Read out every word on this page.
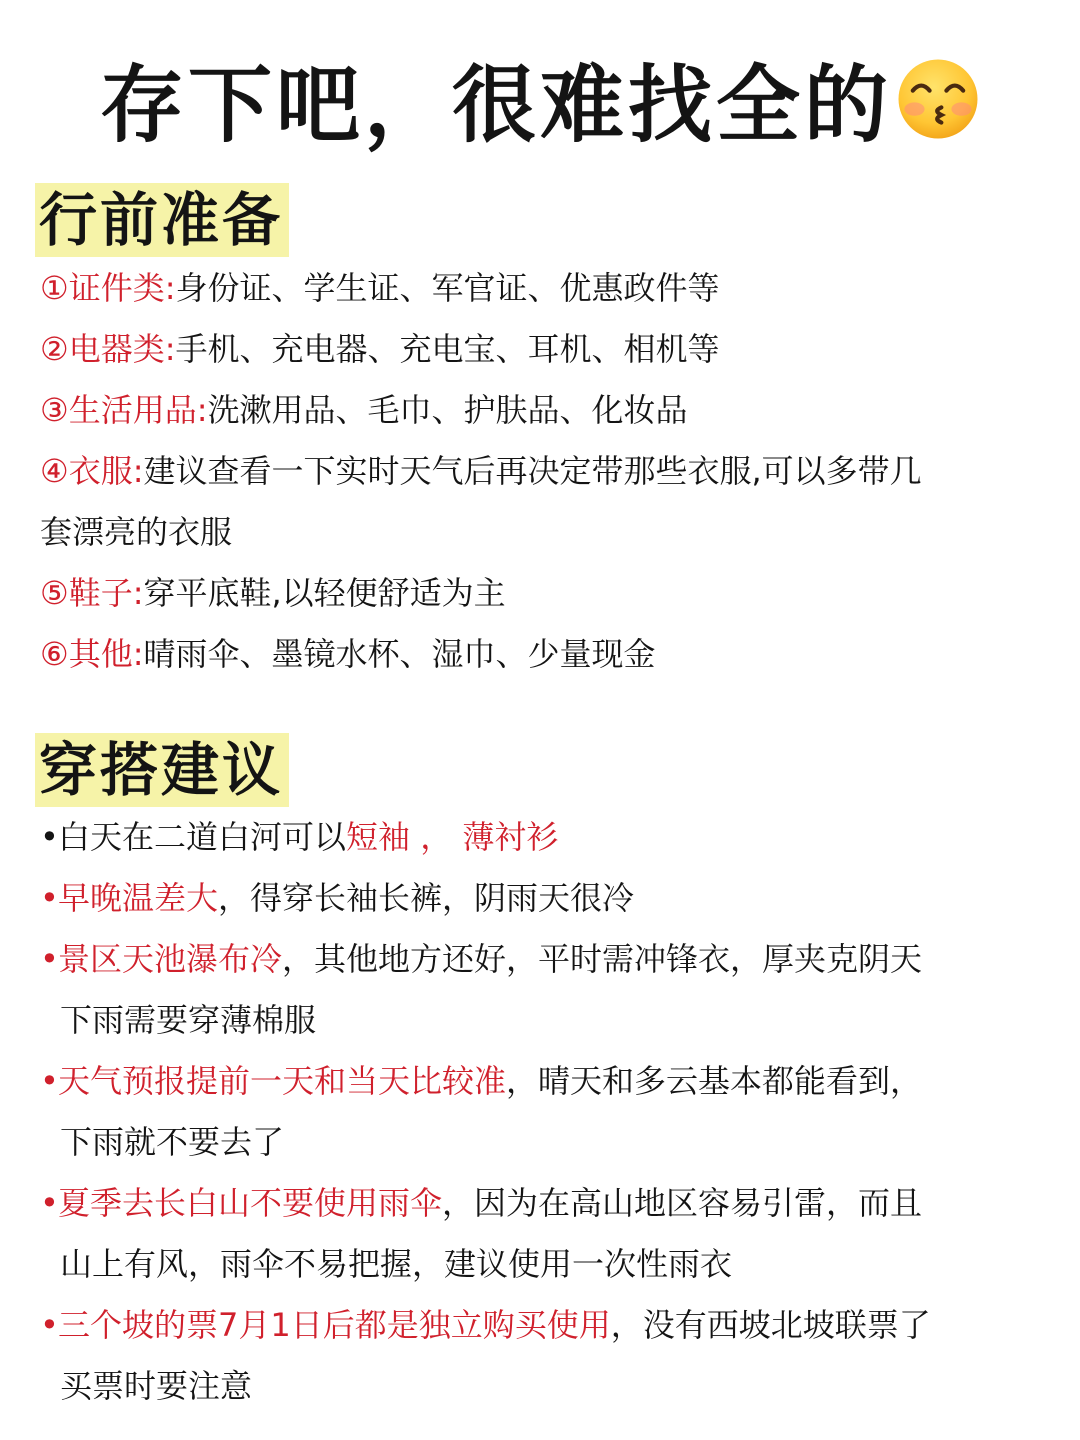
存下吧，很难找全的
行前准备
①证件类:身份证、学生证、军官证、优惠政件等
②电器类:手机、充电器、充电宝、耳机、相机等
③生活用品:洗漱用品、毛巾、护肤品、化妆品
④衣服:建议查看一下实时天气后再决定带那些衣服,可以多带几
套漂亮的衣服
⑤鞋子:穿平底鞋,以轻便舒适为主
⑥其他:晴雨伞、墨镜水杯、湿巾、少量现金
穿搭建议
•白天在二道白河可以短袖 ， 薄衬衫
•早晚温差大，得穿长袖长裤，阴雨天很冷
•景区天池瀑布冷，其他地方还好，平时需冲锋衣，厚夹克阴天
下雨需要穿薄棉服
•天气预报提前一天和当天比较准，晴天和多云基本都能看到，
下雨就不要去了
•夏季去长白山不要使用雨伞，因为在高山地区容易引雷，而且
山上有风，雨伞不易把握，建议使用一次性雨衣
•三个坡的票7月1日后都是独立购买使用，没有西坡北坡联票了
买票时要注意
